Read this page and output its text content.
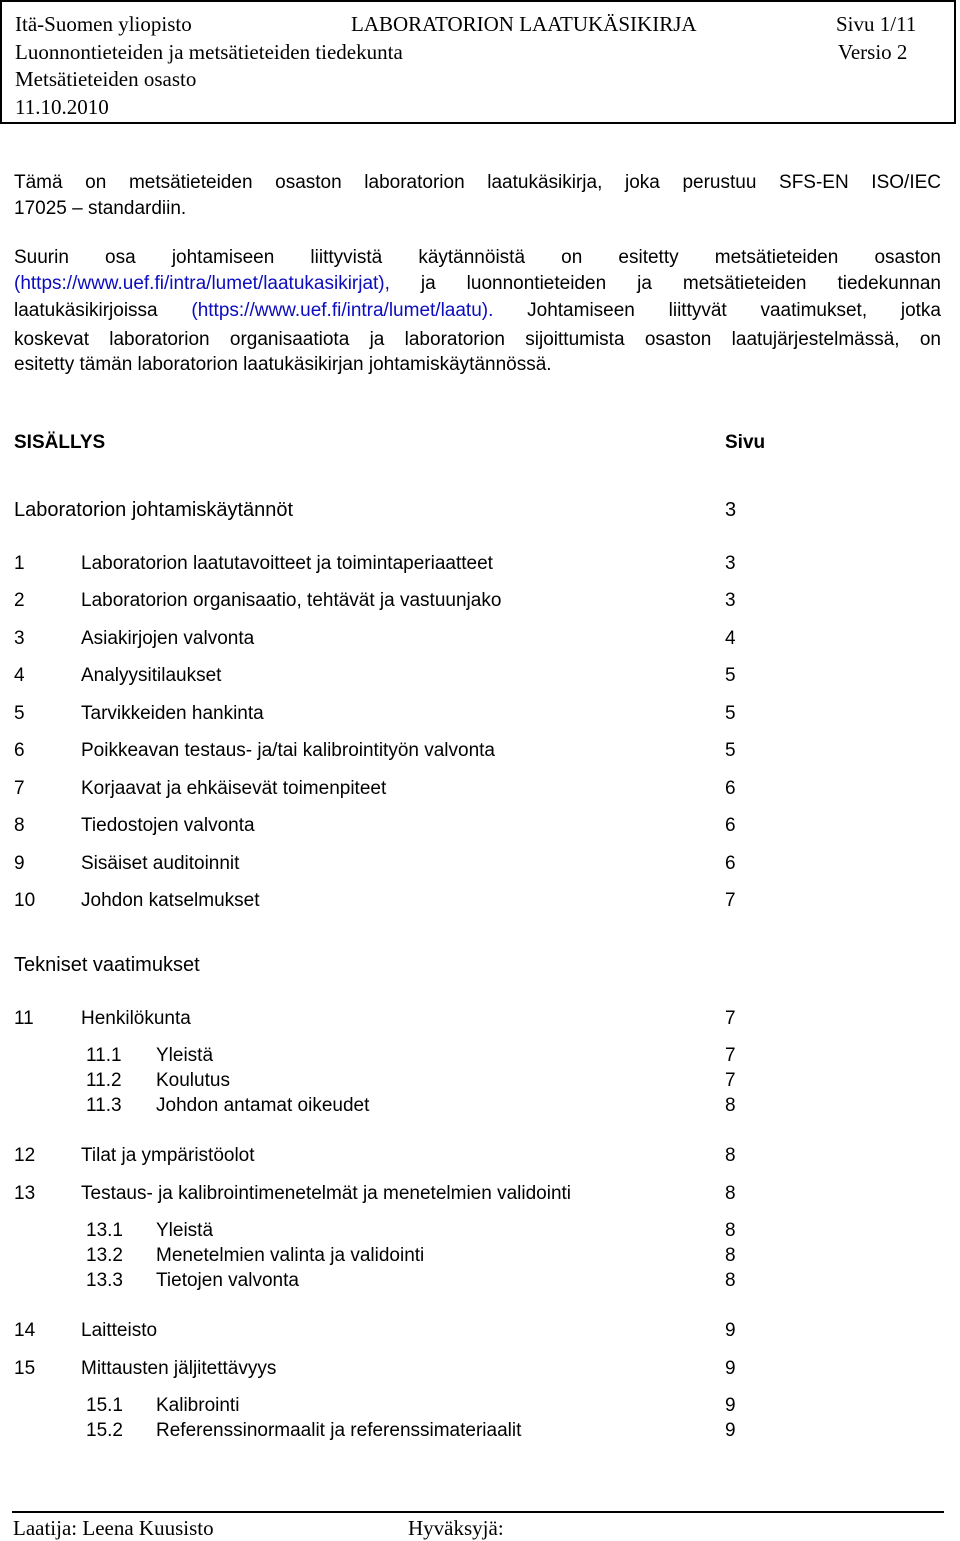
Itä-Suomen yliopisto	LABORATORION LAATUKÄSIKIRJA	Sivu 1/11
Luonnontieteiden ja metsätieteiden tiedekunta	Versio 2
Metsätieteiden osasto
11.10.2010
Tämä on metsätieteiden osaston laboratorion laatukäsikirja, joka perustuu SFS-EN ISO/IEC
17025 – standardiin.
Suurin osa johtamiseen liittyvistä käytännöistä on esitetty metsätieteiden osaston
(https://www.uef.fi/intra/lumet/laatukasikirjat), ja luonnontieteiden ja metsätieteiden tiedekunnan
laatukäsikirjoissa (https://www.uef.fi/intra/lumet/laatu). Johtamiseen liittyvät vaatimukset, jotka
koskevat laboratorion organisaatiota ja laboratorion sijoittumista osaston laatujärjestelmässä, on
esitetty tämän laboratorion laatukäsikirjan johtamiskäytännössä.
SISÄLLYS	Sivu
Laboratorion johtamiskäytännöt	3
1	Laboratorion laatutavoitteet ja toimintaperiaatteet	3
2	Laboratorion organisaatio, tehtävät ja vastuunjako	3
3	Asiakirjojen valvonta	4
4	Analyysitilaukset	5
5	Tarvikkeiden hankinta	5
6	Poikkeavan testaus- ja/tai kalibrointityön valvonta	5
7	Korjaavat ja ehkäisevät toimenpiteet	6
8	Tiedostojen valvonta	6
9	Sisäiset auditoinnit	6
10 Johdon katselmukset	7
Tekniset vaatimukset
11 Henkilökunta	7
11.1 Yleistä	7
11.2 Koulutus	7
11.3 Johdon antamat oikeudet	8
12 Tilat ja ympäristöolot	8
13 Testaus- ja kalibrointimenetelmät ja menetelmien validointi	8
13.1 Yleistä	8
13.2 Menetelmien valinta ja validointi	8
13.3 Tietojen valvonta	8
14 Laitteisto	9
15 Mittausten jäljitettävyys	9
15.1 Kalibrointi	9
15.2 Referenssinormaalit ja referenssimateriaalit	9
Laatija: Leena Kuusisto	Hyväksyjä:
